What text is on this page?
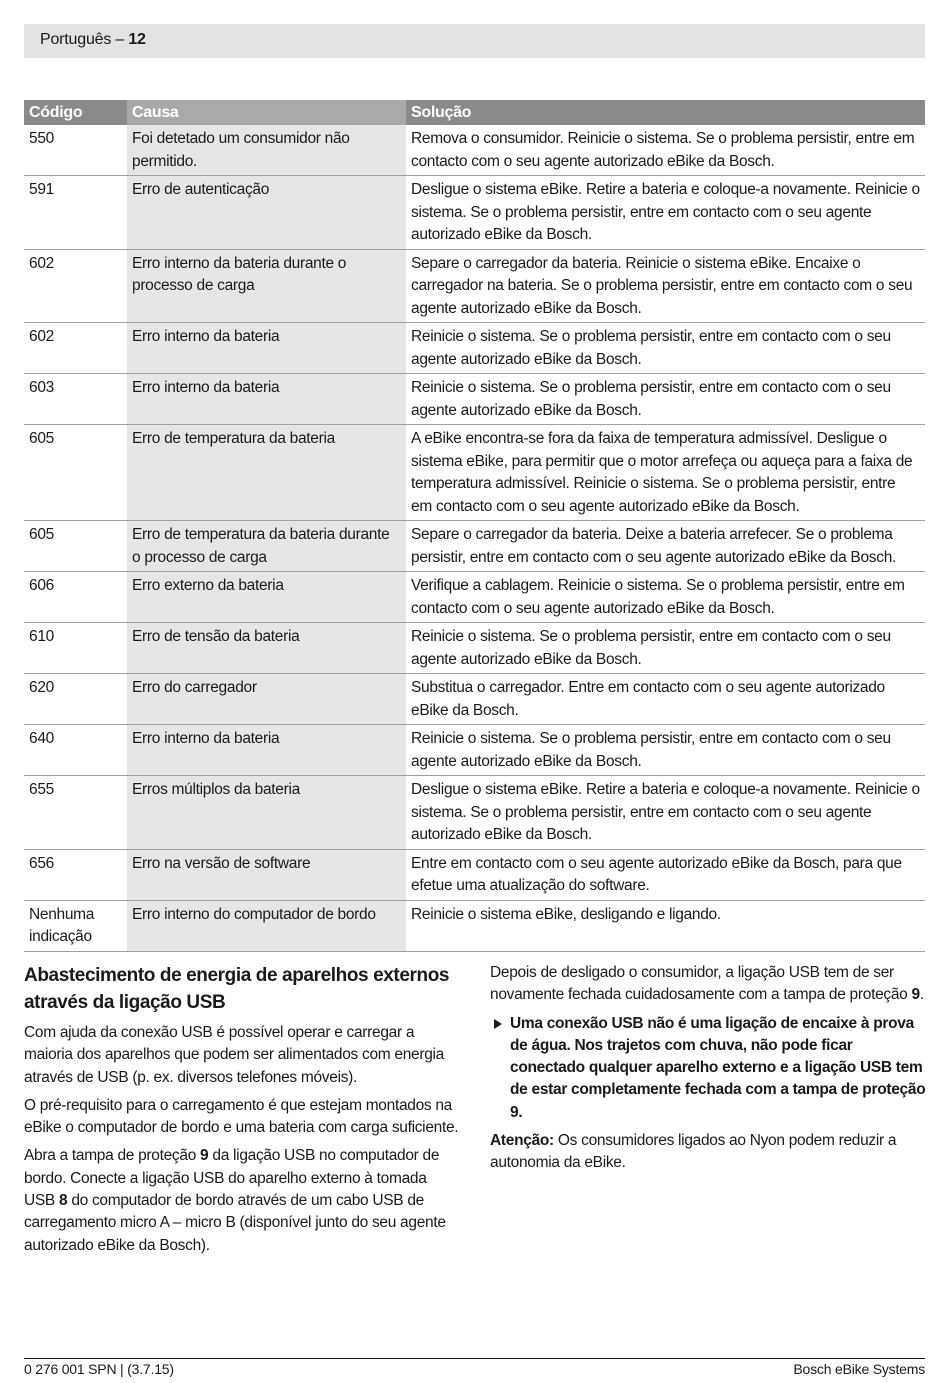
Português – 12
Código	Causa	Solução
550	Foi detetado um consumidor não permitido.	Remova o consumidor. Reinicie o sistema. Se o problema persistir, entre em contacto com o seu agente autorizado eBike da Bosch.
591	Erro de autenticação	Desligue o sistema eBike. Retire a bateria e coloque-a novamente. Reinicie o sistema. Se o problema persistir, entre em contacto com o seu agente autorizado eBike da Bosch.
602	Erro interno da bateria durante o processo de carga	Separe o carregador da bateria. Reinicie o sistema eBike. Encaixe o carregador na bateria. Se o problema persistir, entre em contacto com o seu agente autorizado eBike da Bosch.
602	Erro interno da bateria	Reinicie o sistema. Se o problema persistir, entre em contacto com o seu agente autorizado eBike da Bosch.
603	Erro interno da bateria	Reinicie o sistema. Se o problema persistir, entre em contacto com o seu agente autorizado eBike da Bosch.
605	Erro de temperatura da bateria	A eBike encontra-se fora da faixa de temperatura admissível. Desligue o sistema eBike, para permitir que o motor arrefeça ou aqueça para a faixa de temperatura admissível. Reinicie o sistema. Se o problema persistir, entre em contacto com o seu agente autorizado eBike da Bosch.
605	Erro de temperatura da bateria durante o processo de carga	Separe o carregador da bateria. Deixe a bateria arrefecer. Se o problema persistir, entre em contacto com o seu agente autorizado eBike da Bosch.
606	Erro externo da bateria	Verifique a cablagem. Reinicie o sistema. Se o problema persistir, entre em contacto com o seu agente autorizado eBike da Bosch.
610	Erro de tensão da bateria	Reinicie o sistema. Se o problema persistir, entre em contacto com o seu agente autorizado eBike da Bosch.
620	Erro do carregador	Substitua o carregador. Entre em contacto com o seu agente autorizado eBike da Bosch.
640	Erro interno da bateria	Reinicie o sistema. Se o problema persistir, entre em contacto com o seu agente autorizado eBike da Bosch.
655	Erros múltiplos da bateria	Desligue o sistema eBike. Retire a bateria e coloque-a novamente. Reinicie o sistema. Se o problema persistir, entre em contacto com o seu agente autorizado eBike da Bosch.
656	Erro na versão de software	Entre em contacto com o seu agente autorizado eBike da Bosch, para que efetue uma atualização do software.
Nenhuma indicação	Erro interno do computador de bordo	Reinicie o sistema eBike, desligando e ligando.
Abastecimento de energia de aparelhos externos através da ligação USB

Com ajuda da conexão USB é possível operar e carregar a maioria dos aparelhos que podem ser alimentados com energia através de USB (p. ex. diversos telefones móveis).

O pré-requisito para o carregamento é que estejam montados na eBike o computador de bordo e uma bateria com carga suficiente.

Abra a tampa de proteção 9 da ligação USB no computador de bordo. Conecte a ligação USB do aparelho externo à tomada USB 8 do computador de bordo através de um cabo USB de carregamento micro A – micro B (disponível junto do seu agente autorizado eBike da Bosch).

Depois de desligado o consumidor, a ligação USB tem de ser novamente fechada cuidadosamente com a tampa de proteção 9.

Uma conexão USB não é uma ligação de encaixe à prova de água. Nos trajetos com chuva, não pode ficar conectado qualquer aparelho externo e a ligação USB tem de estar completamente fechada com a tampa de proteção 9.

Atenção: Os consumidores ligados ao Nyon podem reduzir a autonomia da eBike.

0 276 001 SPN | (3.7.15)	Bosch eBike Systems
